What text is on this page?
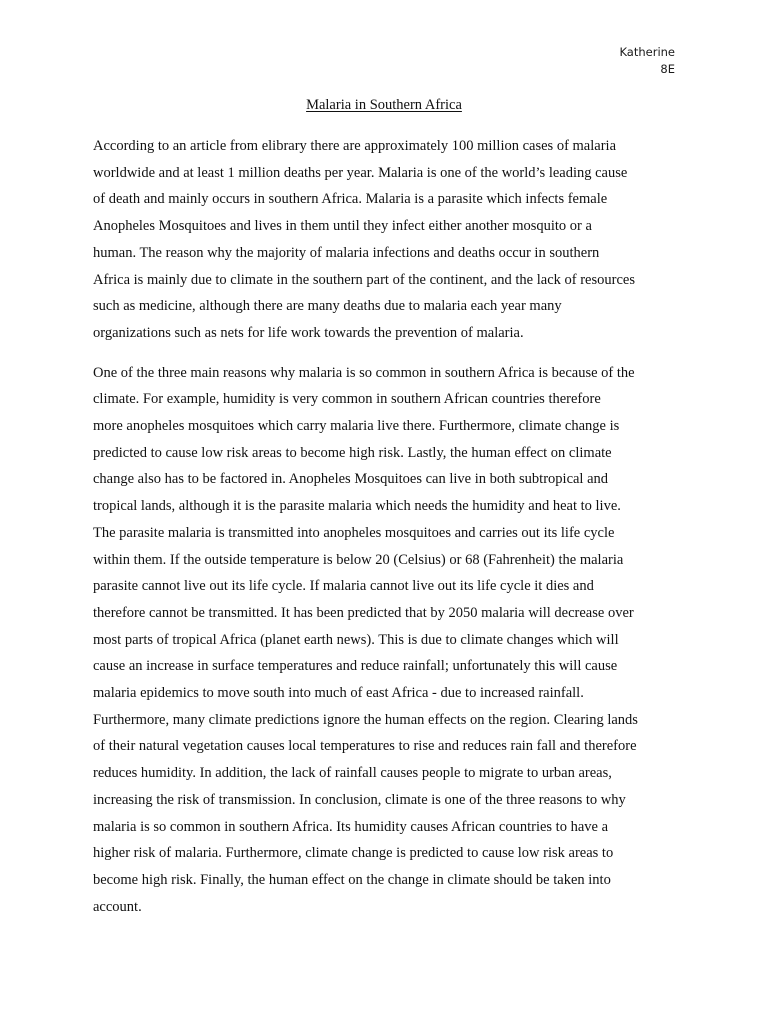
Katherine
8E
Malaria in Southern Africa
According to an article from elibrary there are approximately 100 million cases of malaria
worldwide and at least 1 million deaths per year. Malaria is one of the world’s leading cause
of death and mainly occurs in southern Africa. Malaria is a parasite which infects female
Anopheles Mosquitoes and lives in them until they infect either another mosquito or a
human. The reason why the majority of malaria infections and deaths occur in southern
Africa is mainly due to climate in the southern part of the continent, and the lack of resources
such as medicine, although there are many deaths due to malaria each year many
organizations such as nets for life work towards the prevention of malaria.
One of the three main reasons why malaria is so common in southern Africa is because of the
climate. For example, humidity is very common in southern African countries therefore
more anopheles mosquitoes which carry malaria live there. Furthermore, climate change is
predicted to cause low risk areas to become high risk. Lastly, the human effect on climate
change also has to be factored in. Anopheles Mosquitoes can live in both subtropical and
tropical lands, although it is the parasite malaria which needs the humidity and heat to live.
The parasite malaria is transmitted into anopheles mosquitoes and carries out its life cycle
within them. If the outside temperature is below 20 (Celsius) or 68 (Fahrenheit) the malaria
parasite cannot live out its life cycle. If malaria cannot live out its life cycle it dies and
therefore cannot be transmitted. It has been predicted that by 2050 malaria will decrease over
most parts of tropical Africa (planet earth news). This is due to climate changes which will
cause an increase in surface temperatures and reduce rainfall; unfortunately this will cause
malaria epidemics to move south into much of east Africa - due to increased rainfall.
Furthermore, many climate predictions ignore the human effects on the region. Clearing lands
of their natural vegetation causes local temperatures to rise and reduces rain fall and therefore
reduces humidity. In addition, the lack of rainfall causes people to migrate to urban areas,
increasing the risk of transmission. In conclusion, climate is one of the three reasons to why
malaria is so common in southern Africa. Its humidity causes African countries to have a
higher risk of malaria. Furthermore, climate change is predicted to cause low risk areas to
become high risk. Finally, the human effect on the change in climate should be taken into
account.
